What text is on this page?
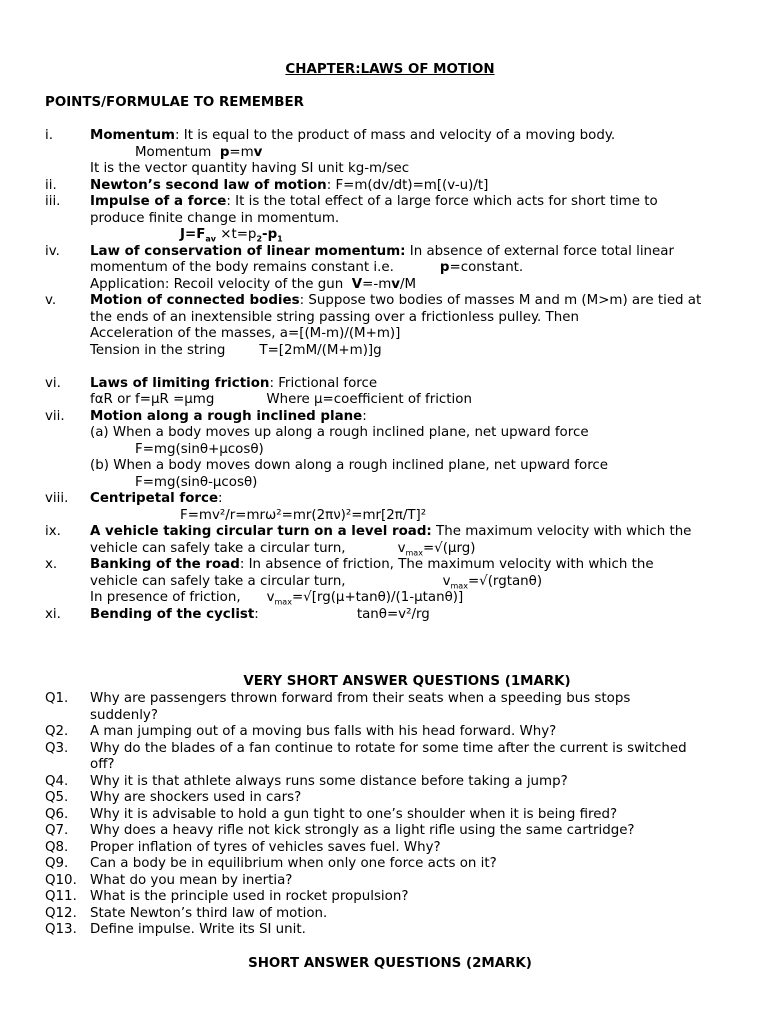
CHAPTER:LAWS OF MOTION
POINTS/FORMULAE TO REMEMBER
i.	Momentum: It is equal to the product of mass and velocity of a moving body.
Momentum p=mv
It is the vector quantity having SI unit kg-m/sec
ii. Newton’s second law of motion: F=m(dv/dt)=m[(v-u)/t]
iii. Impulse of a force: It is the total effect of a large force which acts for short time to
produce finite change in momentum.
$J=F_{av} \times t=p_2-p_1$
iv. Law of conservation of linear momentum: In absence of external force total linear
momentum of the body remains constant i.e.	p=constant.
Application: Recoil velocity of the gun V=-mv/M
v.	Motion of connected bodies: Suppose two bodies of masses M and m (M>m) are tied at
the ends of an inextensible string passing over a frictionless pulley. Then
Acceleration of the masses, a=[(M-m)/(M+m)]
Tension in the string	T=[2mM/(M+m)]g
vi. Laws of limiting friction: Frictional force
fαR or f=μR =μmg	Where μ=coefficient of friction
vii. Motion along a rough inclined plane:
(a) When a body moves up along a rough inclined plane, net upward force
F=mg(sinθ+μcosθ)
(b) When a body moves down along a rough inclined plane, net upward force
F=mg(sinθ-μcosθ)
viii. Centripetal force:
F=mv²/r=mrω²=mr(2πν)²=mr[2π/T]²
ix. A vehicle taking circular turn on a level road: The maximum velocity with which the
vehicle can safely take a circular turn,	$v_{max}=√(\mu rg)$
x. Banking of the road: In absence of friction, The maximum velocity with which the
vehicle can safely take a circular turn,	$v_{max}=√(rgtan\theta)$
In presence of friction, $v_{max}=√[rg(\mu+\tan\theta)/(1-\mu\tan\theta)]$
xi. Bending of the cyclist:	tanθ=v²/rg
VERY SHORT ANSWER QUESTIONS (1MARK)
Q1. Why are passengers thrown forward from their seats when a speeding bus stops
suddenly?
Q2. A man jumping out of a moving bus falls with his head forward. Why?
Q3. Why do the blades of a fan continue to rotate for some time after the current is switched
off?
Q4. Why it is that athlete always runs some distance before taking a jump?
Q5. Why are shockers used in cars?
Q6. Why it is advisable to hold a gun tight to one’s shoulder when it is being fired?
Q7. Why does a heavy rifle not kick strongly as a light rifle using the same cartridge?
Q8. Proper inflation of tyres of vehicles saves fuel. Why?
Q9. Can a body be in equilibrium when only one force acts on it?
Q10. What do you mean by inertia?
Q11. What is the principle used in rocket propulsion?
Q12. State Newton’s third law of motion.
Q13. Define impulse. Write its SI unit.
SHORT ANSWER QUESTIONS (2MARK)
